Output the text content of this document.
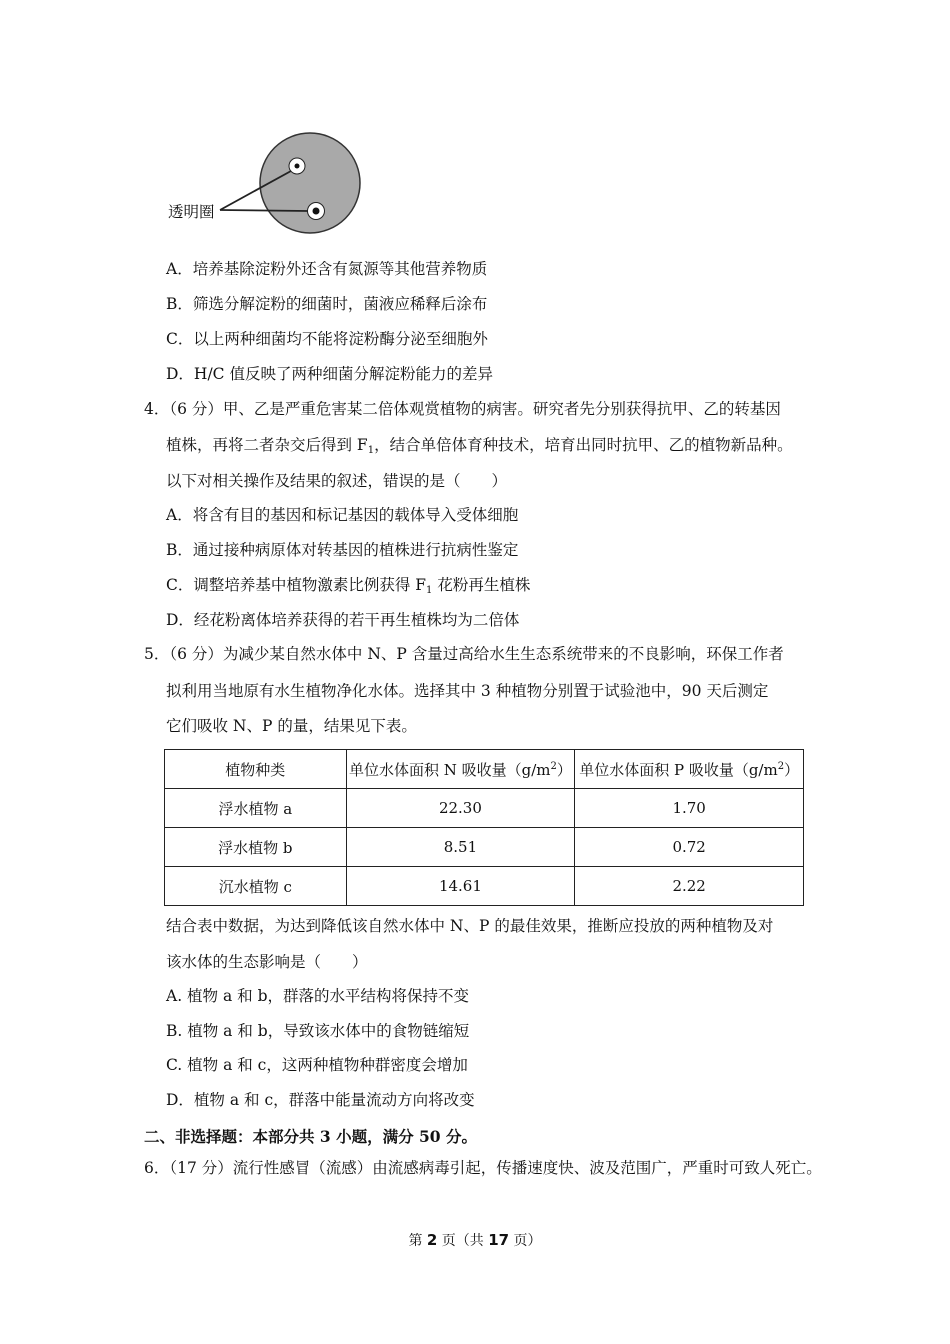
透明圈
A．培养基除淀粉外还含有氮源等其他营养物质
B．筛选分解淀粉的细菌时，菌液应稀释后涂布
C．以上两种细菌均不能将淀粉酶分泌至细胞外
D．H/C 值反映了两种细菌分解淀粉能力的差异
4．（6 分）甲、乙是严重危害某二倍体观赏植物的病害。研究者先分别获得抗甲、乙的转基因
植株，再将二者杂交后得到 $F_1$，结合单倍体育种技术，培育出同时抗甲、乙的植物新品种。
以下对相关操作及结果的叙述，错误的是（　　）
A．将含有目的基因和标记基因的载体导入受体细胞
B．通过接种病原体对转基因的植株进行抗病性鉴定
C．调整培养基中植物激素比例获得 $F_1$ 花粉再生植株
D．经花粉离体培养获得的若干再生植株均为二倍体
5．（6 分）为减少某自然水体中 N、P 含量过高给水生生态系统带来的不良影响，环保工作者
拟利用当地原有水生植物净化水体。选择其中 3 种植物分别置于试验池中，90 天后测定
它们吸收 N、P 的量，结果见下表。
植物种类	单位水体面积 N 吸收量$(g/m^2)$	单位水体面积 P 吸收量$(g/m^2)$
浮水植物 a	22.30	1.70
浮水植物 b	8.51	0.72
沉水植物 c	14.61	2.22
结合表中数据，为达到降低该自然水体中 N、P 的最佳效果，推断应投放的两种植物及对
该水体的生态影响是（　　）
A. 植物 a 和 b，群落的水平结构将保持不变
B. 植物 a 和 b，导致该水体中的食物链缩短
C. 植物 a 和 c，这两种植物种群密度会增加
D．植物 a 和 c，群落中能量流动方向将改变
二、非选择题：本部分共 3 小题，满分 50 分。
6．（17 分）流行性感冒（流感）由流感病毒引起，传播速度快、波及范围广，严重时可致人死亡。
第 2 页（共 17 页）
